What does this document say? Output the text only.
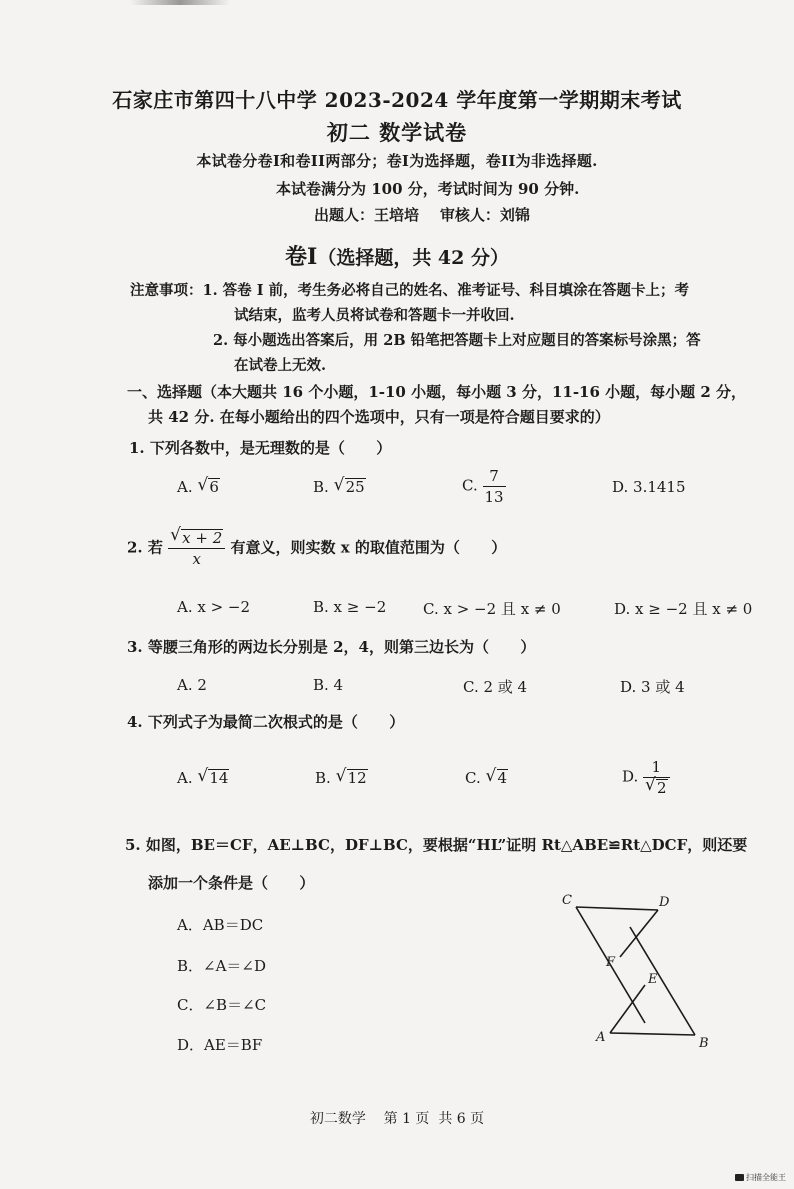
石家庄市第四十八中学 2023-2024 学年度第一学期期末考试
初二 数学试卷
本试卷分卷I和卷II两部分；卷I为选择题，卷II为非选择题.
本试卷满分为 100 分，考试时间为 90 分钟.
出题人：王培培    审核人：刘锦
卷I（选择题，共 42 分）
注意事项：1. 答卷 I 前，考生务必将自己的姓名、准考证号、科目填涂在答题卡上；考
试结束，监考人员将试卷和答题卡一并收回.
2. 每小题选出答案后，用 2B 铅笔把答题卡上对应题目的答案标号涂黑；答
在试卷上无效.
一、选择题（本大题共 16 个小题，1-10 小题，每小题 3 分，11-16 小题，每小题 2 分，
共 42 分. 在每小题给出的四个选项中，只有一项是符合题目要求的）
1. 下列各数中，是无理数的是（      ）
A. √ 6	B. √ 25	C. $\frac{7}{13}$	D. 3.1415
2. 若 $\frac{√ x + 2}{x}$ 有意义，则实数 x 的取值范围为（      ）
A. x > −2	B. x ≥ −2 C. x > −2 且 x ≠ 0	D. x ≥ −2 且 x ≠ 0
3. 等腰三角形的两边长分别是 2，4，则第三边长为（      ）
A. 2	B. 4	C. 2 或 4	D. 3 或 4
4. 下列式子为最简二次根式的是（      ）
A. √ 14	B. √ 12	C. √ 4	D. $\frac{1}{√ 2}$
5. 如图，BE＝CF，AE⊥BC，DF⊥BC，要根据“HL”证明 Rt△ABE≌Rt△DCF，则还要
添加一个条件是（      ）
A．AB＝DC
B．∠A＝∠D
C．∠B＝∠C
D．AE＝BF
C	D
F
E
A	B
初二数学    第 1 页  共 6 页
扫描全能王
